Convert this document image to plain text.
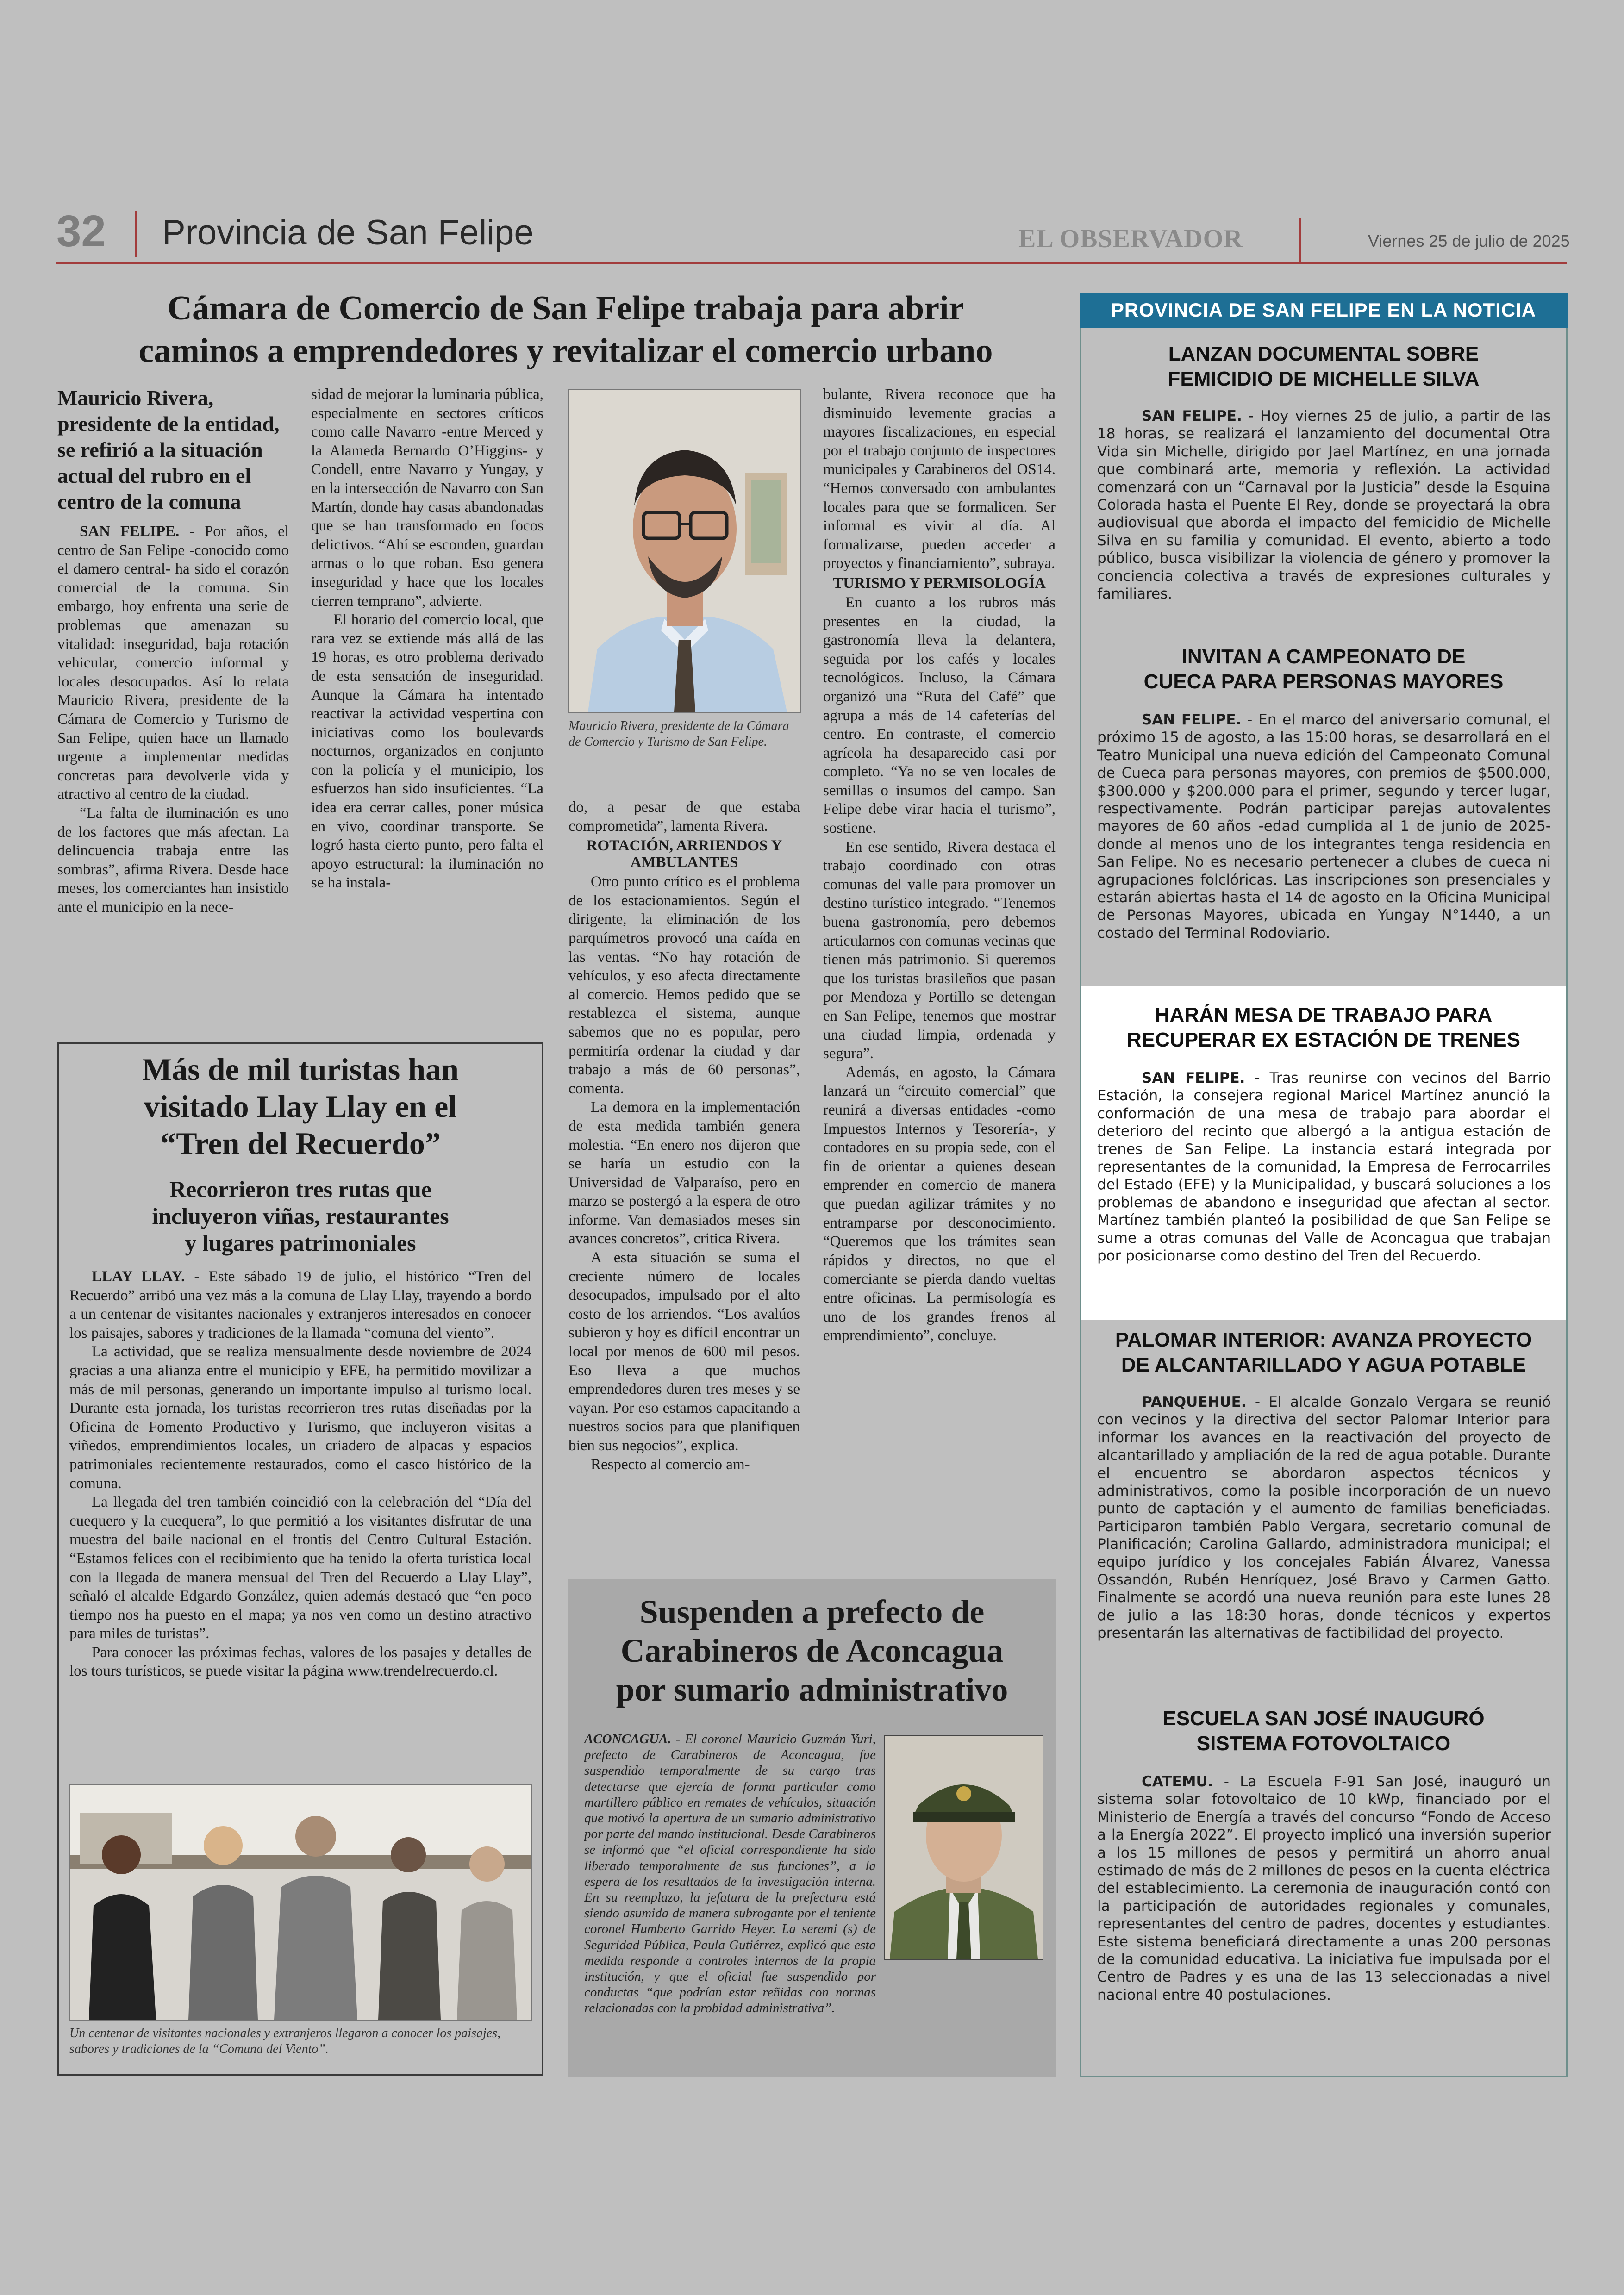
32 Provincia de San Felipe	EL OBSERVADOR	Viernes 25 de julio de 2025
Cámara de Comercio de San Felipe trabaja para abrir
caminos a emprendedores y revitalizar el comercio urbano
Mauricio Rivera, presidente de la entidad, se refirió a la situación actual del rubro en el centro de la comuna

SAN FELIPE. - Por años, el centro de San Felipe -conocido como el damero central- ha sido el corazón comercial de la comuna. Sin embargo, hoy enfrenta una serie de problemas que amenazan su vitalidad: inseguridad, baja rotación vehicular, comercio informal y locales desocupados. Así lo relata Mauricio Rivera, presidente de la Cámara de Comercio y Turismo de San Felipe, quien hace un llamado urgente a implementar medidas concretas para devolverle vida y atractivo al centro de la ciudad.

“La falta de iluminación es uno de los factores que más afectan. La delincuencia trabaja entre las sombras”, afirma Rivera. Desde hace meses, los comerciantes han insistido ante el municipio en la nece-

sidad de mejorar la luminaria pública, especialmente en sectores críticos como calle Navarro -entre Merced y la Alameda Bernardo O’Higgins- y Condell, entre Navarro y Yungay, y en la intersección de Navarro con San Martín, donde hay casas abandonadas que se han transformado en focos delictivos. “Ahí se esconden, guardan armas o lo que roban. Eso genera inseguridad y hace que los locales cierren temprano”, advierte.

El horario del comercio local, que rara vez se extiende más allá de las 19 horas, es otro problema derivado de esta sensación de inseguridad. Aunque la Cámara ha intentado reactivar la actividad vespertina con iniciativas como los boulevards nocturnos, organizados en conjunto con la policía y el municipio, los esfuerzos han sido insuficientes. “La idea era cerrar calles, poner música en vivo, coordinar transporte. Se logró hasta cierto punto, pero falta el apoyo estructural: la iluminación no se ha instala-

Mauricio Rivera, presidente de la Cámara de Comercio y Turismo de San Felipe.

do, a pesar de que estaba comprometida”, lamenta Rivera.

ROTACIÓN, ARRIENDOS Y AMBULANTES

Otro punto crítico es el problema de los estacionamientos. Según el dirigente, la eliminación de los parquímetros provocó una caída en las ventas. “No hay rotación de vehículos, y eso afecta directamente al comercio. Hemos pedido que se restablezca el sistema, aunque sabemos que no es popular, pero permitiría ordenar la ciudad y dar trabajo a más de 60 personas”, comenta.

La demora en la implementación de esta medida también genera molestia. “En enero nos dijeron que se haría un estudio con la Universidad de Valparaíso, pero en marzo se postergó a la espera de otro informe. Van demasiados meses sin avances concretos”, critica Rivera.

A esta situación se suma el creciente número de locales desocupados, impulsado por el alto costo de los arriendos. “Los avalúos subieron y hoy es difícil encontrar un local por menos de 600 mil pesos. Eso lleva a que muchos emprendedores duren tres meses y se vayan. Por eso estamos capacitando a nuestros socios para que planifiquen bien sus negocios”, explica.

Respecto al comercio am-

bulante, Rivera reconoce que ha disminuido levemente gracias a mayores fiscalizaciones, en especial por el trabajo conjunto de inspectores municipales y Carabineros del OS14. “Hemos conversado con ambulantes locales para que se formalicen. Ser informal es vivir al día. Al formalizarse, pueden acceder a proyectos y financiamiento”, subraya.

TURISMO Y PERMISOLOGÍA

En cuanto a los rubros más presentes en la ciudad, la gastronomía lleva la delantera, seguida por los cafés y locales tecnológicos. Incluso, la Cámara organizó una “Ruta del Café” que agrupa a más de 14 cafeterías del centro. En contraste, el comercio agrícola ha desaparecido casi por completo. “Ya no se ven locales de semillas o insumos del campo. San Felipe debe virar hacia el turismo”, sostiene.

En ese sentido, Rivera destaca el trabajo coordinado con otras comunas del valle para promover un destino turístico integrado. “Tenemos buena gastronomía, pero debemos articularnos con comunas vecinas que tienen más patrimonio. Si queremos que los turistas brasileños que pasan por Mendoza y Portillo se detengan en San Felipe, tenemos que mostrar una ciudad limpia, ordenada y segura”.

Además, en agosto, la Cámara lanzará un “circuito comercial” que reunirá a diversas entidades -como Impuestos Internos y Tesorería-, y contadores en su propia sede, con el fin de orientar a quienes desean emprender en comercio de manera que puedan agilizar trámites y no entramparse por desconocimiento. “Queremos que los trámites sean rápidos y directos, no que el comerciante se pierda dando vueltas entre oficinas. La permisología es uno de los grandes frenos al emprendimiento”, concluye.

Más de mil turistas han
visitado Llay Llay en el
“Tren del Recuerdo”
Recorrieron tres rutas que
incluyeron viñas, restaurantes
y lugares patrimoniales

LLAY LLAY. - Este sábado 19 de julio, el histórico “Tren del Recuerdo” arribó una vez más a la comuna de Llay Llay, trayendo a bordo a un centenar de visitantes nacionales y extranjeros interesados en conocer los paisajes, sabores y tradiciones de la llamada “comuna del viento”.

La actividad, que se realiza mensualmente desde noviembre de 2024 gracias a una alianza entre el municipio y EFE, ha permitido movilizar a más de mil personas, generando un importante impulso al turismo local. Durante esta jornada, los turistas recorrieron tres rutas diseñadas por la Oficina de Fomento Productivo y Turismo, que incluyeron visitas a viñedos, emprendimientos locales, un criadero de alpacas y espacios patrimoniales recientemente restaurados, como el casco histórico de la comuna.

La llegada del tren también coincidió con la celebración del “Día del cuequero y la cuequera”, lo que permitió a los visitantes disfrutar de una muestra del baile nacional en el frontis del Centro Cultural Estación. “Estamos felices con el recibimiento que ha tenido la oferta turística local con la llegada de manera mensual del Tren del Recuerdo a Llay Llay”, señaló el alcalde Edgardo González, quien además destacó que “en poco tiempo nos ha puesto en el mapa; ya nos ven como un destino atractivo para miles de turistas”.

Para conocer las próximas fechas, valores de los pasajes y detalles de los tours turísticos, se puede visitar la página www.trendelrecuerdo.cl.

Un centenar de visitantes nacionales y extranjeros llegaron a conocer los paisajes, sabores y tradiciones de la “Comuna del Viento”.
Suspenden a prefecto de
Carabineros de Aconcagua
por sumario administrativo
ACONCAGUA. - El coronel Mauricio Guzmán Yuri, prefecto de Carabineros de Aconcagua, fue suspendido temporalmente de su cargo tras detectarse que ejercía de forma particular como martillero público en remates de vehículos, situación que motivó la apertura de un sumario administrativo por parte del mando institucional. Desde Carabineros se informó que “el oficial correspondiente ha sido liberado temporalmente de sus funciones”, a la espera de los resultados de la investigación interna. En su reemplazo, la jefatura de la prefectura está siendo asumida de manera subrogante por el teniente coronel Humberto Garrido Heyer. La seremi (s) de Seguridad Pública, Paula Gutiérrez, explicó que esta medida responde a controles internos de la propia institución, y que el oficial fue suspendido por conductas “que podrían estar reñidas con normas relacionadas con la probidad administrativa”.
PROVINCIA DE SAN FELIPE EN LA NOTICIA
LANZAN DOCUMENTAL SOBRE
FEMICIDIO DE MICHELLE SILVA

SAN FELIPE. - Hoy viernes 25 de julio, a partir de las 18 horas, se realizará el lanzamiento del documental Otra Vida sin Michelle, dirigido por Jael Martínez, en una jornada que combinará arte, memoria y reflexión. La actividad comenzará con un “Carnaval por la Justicia” desde la Esquina Colorada hasta el Puente El Rey, donde se proyectará la obra audiovisual que aborda el impacto del femicidio de Michelle Silva en su familia y comunidad. El evento, abierto a todo público, busca visibilizar la violencia de género y promover la conciencia colectiva a través de expresiones culturales y familiares.

INVITAN A CAMPEONATO DE
CUECA PARA PERSONAS MAYORES

SAN FELIPE. - En el marco del aniversario comunal, el próximo 15 de agosto, a las 15:00 horas, se desarrollará en el Teatro Municipal una nueva edición del Campeonato Comunal de Cueca para personas mayores, con premios de $500.000, $300.000 y $200.000 para el primer, segundo y tercer lugar, respectivamente. Podrán participar parejas autovalentes mayores de 60 años -edad cumplida al 1 de junio de 2025- donde al menos uno de los integrantes tenga residencia en San Felipe. No es necesario pertenecer a clubes de cueca ni agrupaciones folclóricas. Las inscripciones son presenciales y estarán abiertas hasta el 14 de agosto en la Oficina Municipal de Personas Mayores, ubicada en Yungay N°1440, a un costado del Terminal Rodoviario.

HARÁN MESA DE TRABAJO PARA
RECUPERAR EX ESTACIÓN DE TRENES

SAN FELIPE. - Tras reunirse con vecinos del Barrio Estación, la consejera regional Maricel Martínez anunció la conformación de una mesa de trabajo para abordar el deterioro del recinto que albergó a la antigua estación de trenes de San Felipe. La instancia estará integrada por representantes de la comunidad, la Empresa de Ferrocarriles del Estado (EFE) y la Municipalidad, y buscará soluciones a los problemas de abandono e inseguridad que afectan al sector. Martínez también planteó la posibilidad de que San Felipe se sume a otras comunas del Valle de Aconcagua que trabajan por posicionarse como destino del Tren del Recuerdo.

PALOMAR INTERIOR: AVANZA PROYECTO
DE ALCANTARILLADO Y AGUA POTABLE

PANQUEHUE. - El alcalde Gonzalo Vergara se reunió con vecinos y la directiva del sector Palomar Interior para informar los avances en la reactivación del proyecto de alcantarillado y ampliación de la red de agua potable. Durante el encuentro se abordaron aspectos técnicos y administrativos, como la posible incorporación de un nuevo punto de captación y el aumento de familias beneficiadas. Participaron también Pablo Vergara, secretario comunal de Planificación; Carolina Gallardo, administradora municipal; el equipo jurídico y los concejales Fabián Álvarez, Vanessa Ossandón, Rubén Henríquez, José Bravo y Carmen Gatto. Finalmente se acordó una nueva reunión para este lunes 28 de julio a las 18:30 horas, donde técnicos y expertos presentarán las alternativas de factibilidad del proyecto.

ESCUELA SAN JOSÉ INAUGURÓ
SISTEMA FOTOVOLTAICO

CATEMU. - La Escuela F-91 San José, inauguró un sistema solar fotovoltaico de 10 kWp, financiado por el Ministerio de Energía a través del concurso “Fondo de Acceso a la Energía 2022”. El proyecto implicó una inversión superior a los 15 millones de pesos y permitirá un ahorro anual estimado de más de 2 millones de pesos en la cuenta eléctrica del establecimiento. La ceremonia de inauguración contó con la participación de autoridades regionales y comunales, representantes del centro de padres, docentes y estudiantes. Este sistema beneficiará directamente a unas 200 personas de la comunidad educativa. La iniciativa fue impulsada por el Centro de Padres y es una de las 13 seleccionadas a nivel nacional entre 40 postulaciones.
